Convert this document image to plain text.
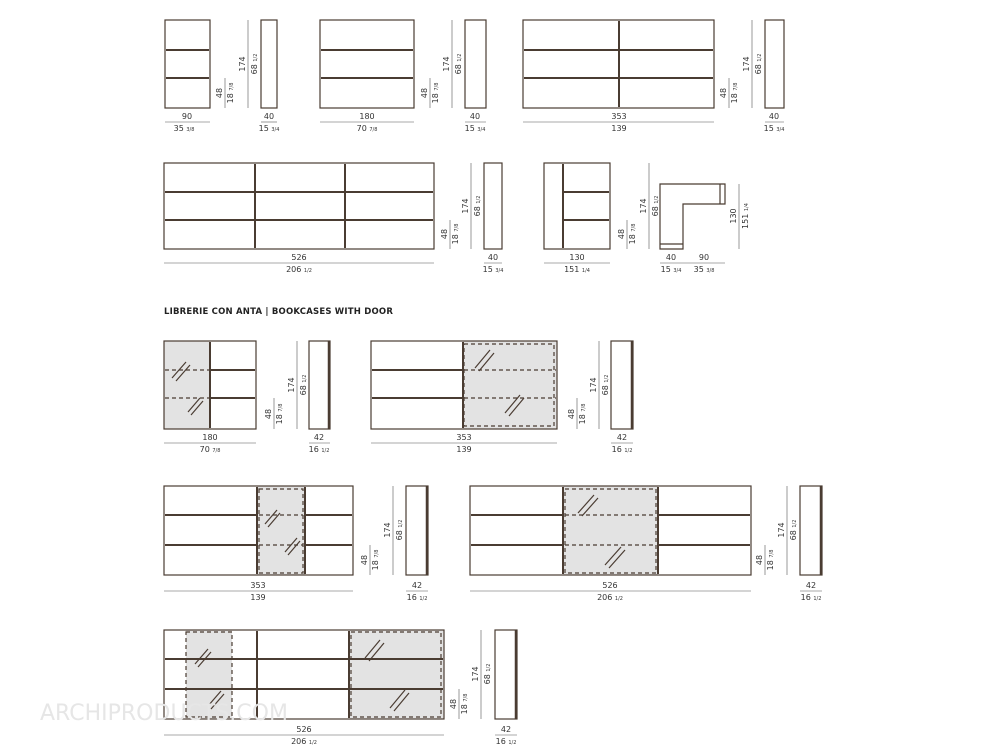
90
35 3/8
40
15 3/4
180
70 7/8
40
15 3/4
353
139
40
15 3/4
174 68 1/2
48
18 7/8
174 68 1/2
48
18 7/8
174 68 1/2
48
18 7/8
526
206 1/2
40
15 3/4
130
151 1/4
40
15 3/4
90
35 3/8
174 68 1/2
48
18 7/8
174 68 1/2
48
18 7/8
130 151 1/4
LIBRERIE CON ANTA | BOOKCASES WITH DOOR
180
70 7/8
42
16 1/2
353
139
42
16 1/2
174 68 1/2
48
18 7/8
174 68 1/2
48
18 7/8
353
139
42
16 1/2
526
206 1/2
42
16 1/2
174 68 1/2
48
18 7/8
174 68 1/2
48
18 7/8
526
206 1/2
42
16 1/2
174 68 1/2
48
18 7/8
ARCHIPRODUCTS.COM
